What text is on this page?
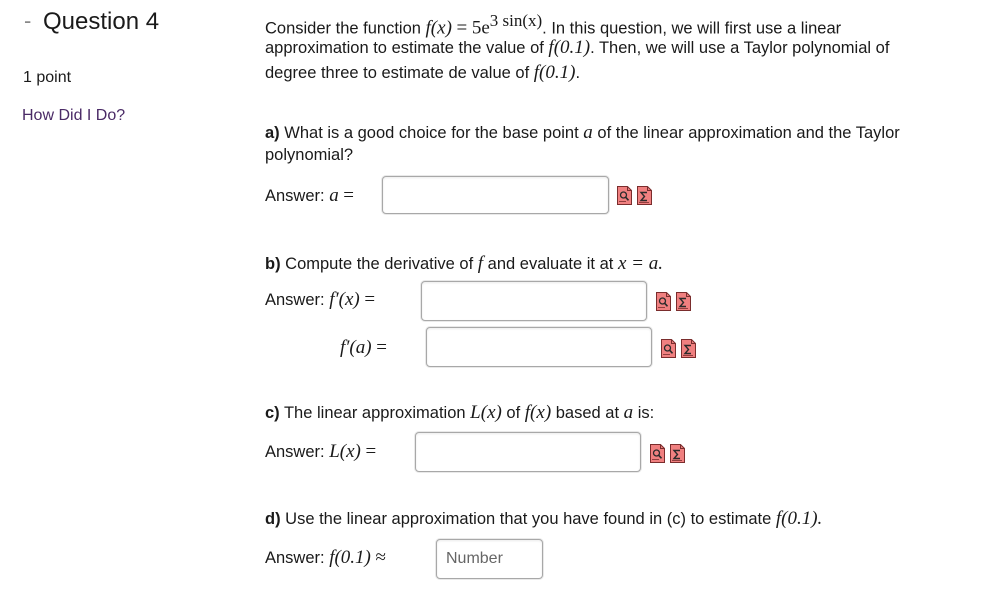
- Question 4
1 point
How Did I Do?
Consider the function $f(x) = 5e^{3 sin(x)}$. In this question, we will first use a linear
approximation to estimate the value of f(0.1). Then, we will use a Taylor polynomial of
degree three to estimate de value of f(0.1).
a) What is a good choice for the base point a of the linear approximation and the Taylor
polynomial?
Answer: a =
b) Compute the derivative of f and evaluate it at x = a.
Answer: f′(x) =
f′(a) =
c) The linear approximation L(x) of f(x) based at a is:
Answer: L(x) =
d) Use the linear approximation that you have found in (c) to estimate f(0.1).
Answer: f(0.1) ≈
Number
